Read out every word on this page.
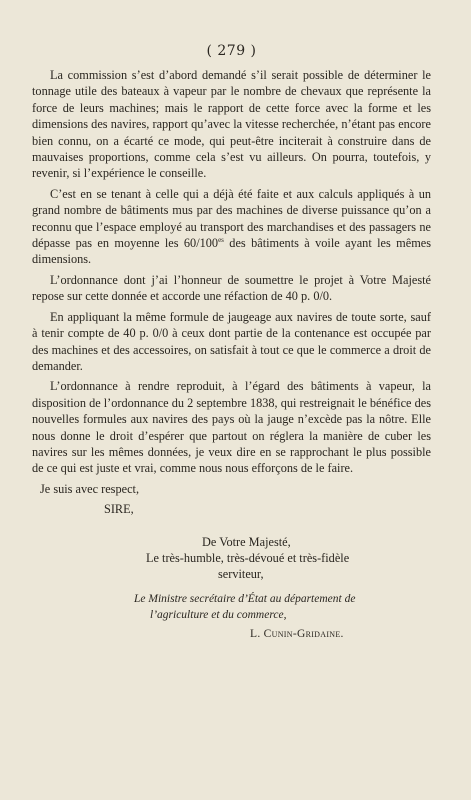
( 279 )

La commission s’est d’abord demandé s’il serait possible de déterminer le tonnage utile des bateaux à vapeur par le nombre de chevaux que représente la force de leurs machines; mais le rapport de cette force avec la forme et les dimensions des navires, rapport qu’avec la vitesse recherchée, n’étant pas encore bien connu, on a écarté ce mode, qui peut-être inciterait à construire dans de mauvaises proportions, comme cela s’est vu ailleurs. On pourra, toutefois, y revenir, si l’expérience le conseille.

C’est en se tenant à celle qui a déjà été faite et aux calculs appliqués à un grand nombre de bâtiments mus par des machines de diverse puissance qu’on a reconnu que l’espace employé au transport des marchandises et des passagers ne dépasse pas en moyenne les $60/100^{es}$ des bâtiments à voile ayant les mêmes dimensions.

L’ordonnance dont j’ai l’honneur de soumettre le projet à Votre Majesté repose sur cette donnée et accorde une réfaction de 40 p. 0/0.

En appliquant la même formule de jaugeage aux navires de toute sorte, sauf à tenir compte de 40 p. 0/0 à ceux dont partie de la contenance est occupée par des machines et des accessoires, on satisfait à tout ce que le commerce a droit de demander.

L’ordonnance à rendre reproduit, à l’égard des bâtiments à vapeur, la disposition de l’ordonnance du 2 septembre 1838, qui restreignait le bénéfice des nouvelles formules aux navires des pays où la jauge n’excède pas la nôtre. Elle nous donne le droit d’espérer que partout on réglera la manière de cuber les navires sur les mêmes données, je veux dire en se rapprochant le plus possible de ce qui est juste et vrai, comme nous nous efforçons de le faire.

Je suis avec respect,

SIRE,

De Votre Majesté,

Le très-humble, très-dévoué et très-fidèle

serviteur,

Le Ministre secrétaire d’État au département de

l’agriculture et du commerce,

L. Cunin-Gridaine.
